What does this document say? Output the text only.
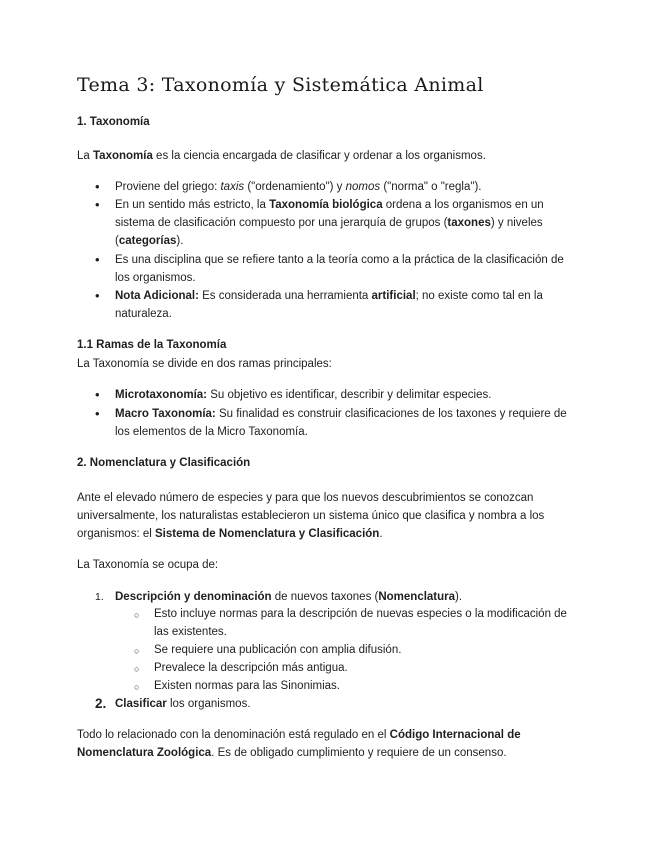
Tema 3: Taxonomía y Sistemática Animal
1. Taxonomía
La Taxonomía es la ciencia encargada de clasificar y ordenar a los organismos.
• Proviene del griego: taxis ("ordenamiento") y nomos ("norma" o "regla").
• En un sentido más estricto, la Taxonomía biológica ordena a los organismos en un
sistema de clasificación compuesto por una jerarquía de grupos (taxones) y niveles
(categorías).
• Es una disciplina que se refiere tanto a la teoría como a la práctica de la clasificación de
los organismos.
• Nota Adicional: Es considerada una herramienta artificial; no existe como tal en la
naturaleza.
1.1 Ramas de la Taxonomía
La Taxonomía se divide en dos ramas principales:
• Microtaxonomía: Su objetivo es identificar, describir y delimitar especies.
• Macro Taxonomía: Su finalidad es construir clasificaciones de los taxones y requiere de
los elementos de la Micro Taxonomía.
2. Nomenclatura y Clasificación
Ante el elevado número de especies y para que los nuevos descubrimientos se conozcan
universalmente, los naturalistas establecieron un sistema único que clasifica y nombra a los
organismos: el Sistema de Nomenclatura y Clasificación.
La Taxonomía se ocupa de:
1. Descripción y denominación de nuevos taxones (Nomenclatura).
○ Esto incluye normas para la descripción de nuevas especies o la modificación de
las existentes.
○ Se requiere una publicación con amplia difusión.
○ Prevalece la descripción más antigua.
○ Existen normas para las Sinonimias.
2. Clasificar los organismos.
Todo lo relacionado con la denominación está regulado en el Código Internacional de
Nomenclatura Zoológica. Es de obligado cumplimiento y requiere de un consenso.
